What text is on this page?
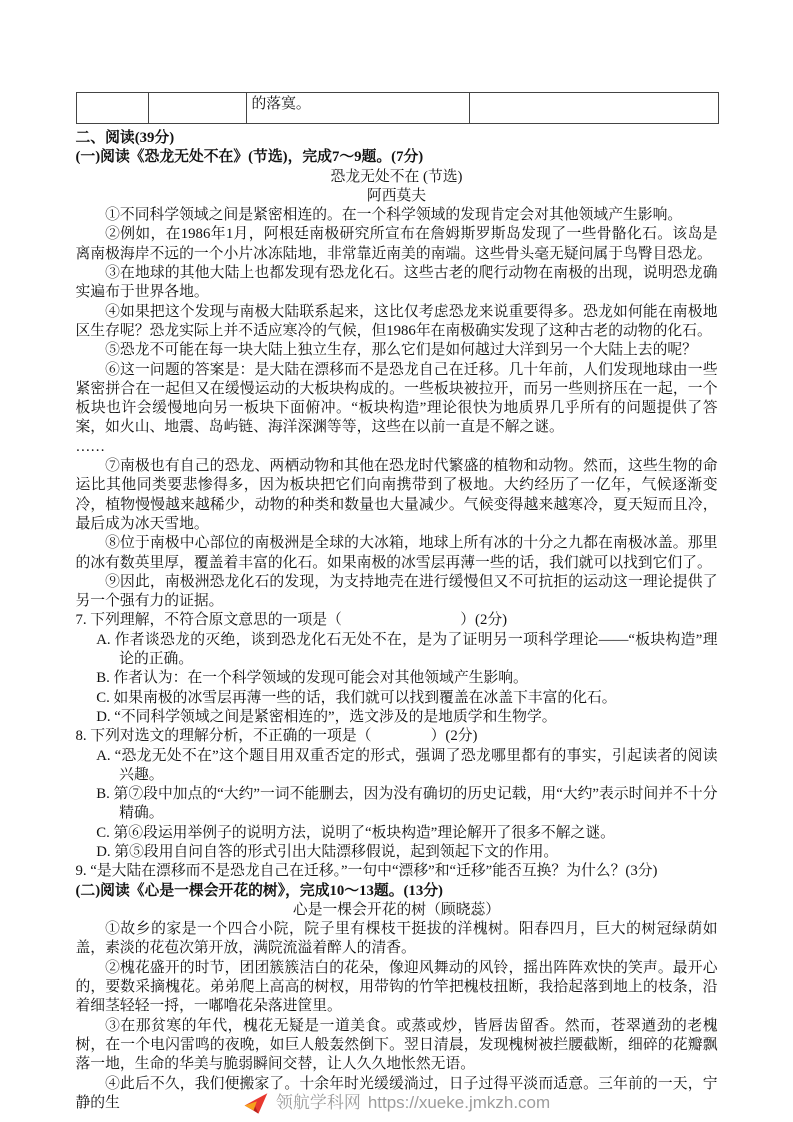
		的落寞。	
二、阅读(39分)
(一)阅读《恐龙无处不在》(节选)，完成7～9题。(7分)
恐龙无处不在 (节选)
阿西莫夫

①不同科学领域之间是紧密相连的。在一个科学领域的发现肯定会对其他领域产生影响。

②例如，在1986年1月，阿根廷南极研究所宣布在詹姆斯罗斯岛发现了一些骨骼化石。该岛是离南极海岸不远的一个小片冰冻陆地，非常靠近南美的南端。这些骨头毫无疑问属于鸟臀目恐龙。

③在地球的其他大陆上也都发现有恐龙化石。这些古老的爬行动物在南极的出现，说明恐龙确实遍布于世界各地。

④如果把这个发现与南极大陆联系起来，这比仅考虑恐龙来说重要得多。恐龙如何能在南极地区生存呢？恐龙实际上并不适应寒冷的气候，但1986年在南极确实发现了这种古老的动物的化石。

⑤恐龙不可能在每一块大陆上独立生存，那么它们是如何越过大洋到另一个大陆上去的呢？

⑥这一问题的答案是：是大陆在漂移而不是恐龙自己在迁移。几十年前，人们发现地球由一些紧密拼合在一起但又在缓慢运动的大板块构成的。一些板块被拉开，而另一些则挤压在一起，一个板块也许会缓慢地向另一板块下面俯冲。“板块构造”理论很快为地质界几乎所有的问题提供了答案，如火山、地震、岛屿链、海洋深渊等等，这些在以前一直是不解之谜。

……

⑦南极也有自己的恐龙、两栖动物和其他在恐龙时代繁盛的植物和动物。然而，这些生物的命运比其他同类要悲惨得多，因为板块把它们向南携带到了极地。大约经历了一亿年，气候逐渐变冷，植物慢慢越来越稀少，动物的种类和数量也大量减少。气候变得越来越寒冷，夏天短而且冷，最后成为冰天雪地。

⑧位于南极中心部位的南极洲是全球的大冰箱，地球上所有冰的十分之九都在南极冰盖。那里的冰有数英里厚，覆盖着丰富的化石。如果南极的冰雪层再薄一些的话，我们就可以找到它们了。

⑨因此，南极洲恐龙化石的发现，为支持地壳在进行缓慢但又不可抗拒的运动这一理论提供了另一个强有力的证据。

7. 下列理解，不符合原文意思的一项是（　　　　　　　　）(2分)

A. 作者谈恐龙的灭绝，谈到恐龙化石无处不在，是为了证明另一项科学理论——“板块构造”理论的正确。

B. 作者认为：在一个科学领域的发现可能会对其他领域产生影响。

C. 如果南极的冰雪层再薄一些的话，我们就可以找到覆盖在冰盖下丰富的化石。

D. “不同科学领域之间是紧密相连的”，选文涉及的是地质学和生物学。

8. 下列对选文的理解分析，不正确的一项是（　　　　）(2分)

A. “恐龙无处不在”这个题目用双重否定的形式，强调了恐龙哪里都有的事实，引起读者的阅读兴趣。

B. 第⑦段中加点的“大约”一词不能删去，因为没有确切的历史记载，用“大约”表示时间并不十分精确。

C. 第⑥段运用举例子的说明方法，说明了“板块构造”理论解开了很多不解之谜。

D. 第⑤段用自问自答的形式引出大陆漂移假说，起到领起下文的作用。

9. “是大陆在漂移而不是恐龙自己在迁移。”一句中“漂移”和“迁移”能否互换？为什么？(3分)

(二)阅读《心是一棵会开花的树》，完成10～13题。(13分)
心是一棵会开花的树（顾晓蕊）

①故乡的家是一个四合小院，院子里有棵枝干挺拔的洋槐树。阳春四月，巨大的树冠绿荫如盖，素淡的花苞次第开放，满院流溢着醉人的清香。

②槐花盛开的时节，团团簇簇洁白的花朵，像迎风舞动的风铃，摇出阵阵欢快的笑声。最开心的，要数采摘槐花。弟弟爬上高高的树杈，用带钩的竹竿把槐枝扭断，我拾起落到地上的枝条，沿着细茎轻轻一捋，一嘟噜花朵落进筐里。

③在那贫寒的年代，槐花无疑是一道美食。或蒸或炒，皆唇齿留香。然而，苍翠遒劲的老槐树，在一个电闪雷鸣的夜晚，如巨人般轰然倒下。翌日清晨，发现槐树被拦腰截断，细碎的花瓣飘落一地，生命的华美与脆弱瞬间交替，让人久久地怅然无语。

④此后不久，我们便搬家了。十余年时光缓缓淌过，日子过得平淡而适意。三年前的一天，宁静的生	领航学科网 https://xueke.jmkzh.com
